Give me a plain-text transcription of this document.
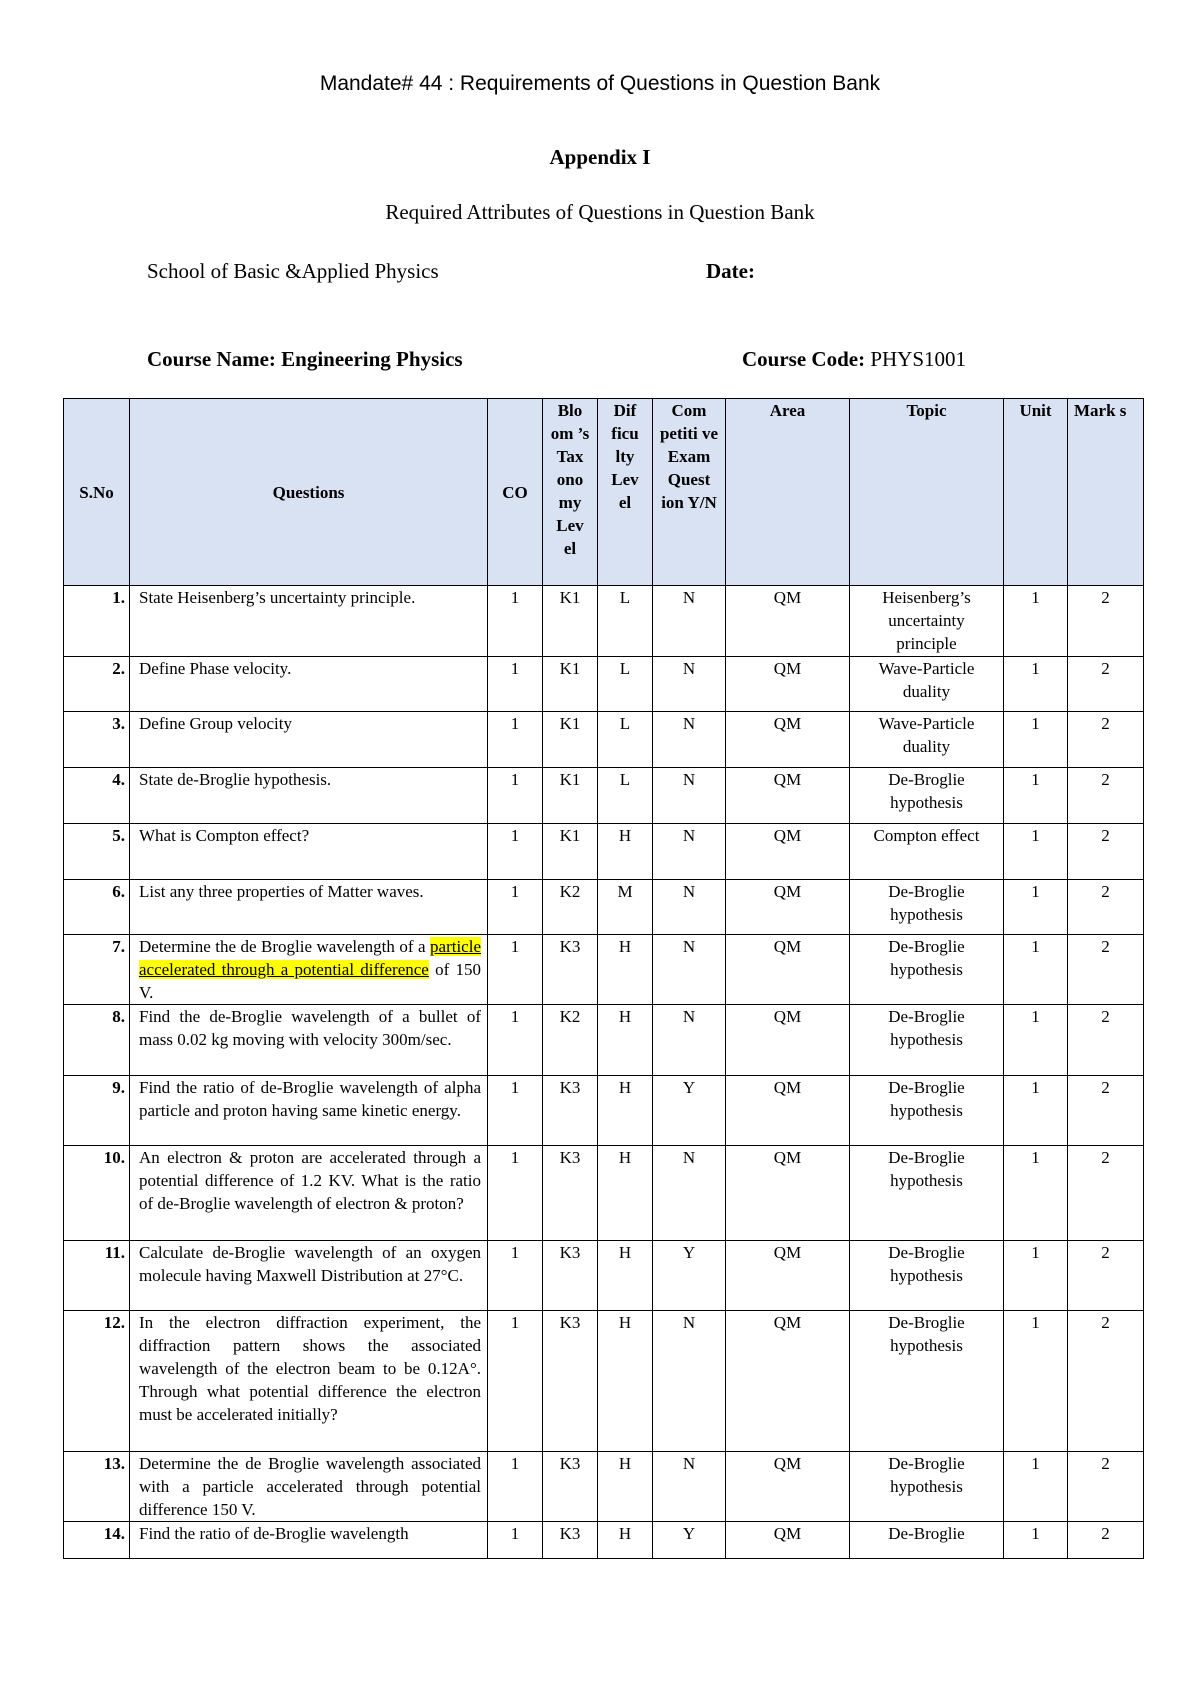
Mandate# 44 : Requirements of Questions in Question Bank
Appendix I
Required Attributes of Questions in Question Bank
School of Basic &Applied Physics	Date:
Course Name: Engineering Physics	Course Code: PHYS1001
S.No	Questions	CO	Blo om ’s Tax ono my Lev el	Dif ficu lty Lev el	Com petiti ve Exam Quest ion Y/N	Area	Topic	Unit	Mark s
1.	State Heisenberg’s uncertainty principle.	1	K1	L	N	QM	Heisenberg’s uncertainty principle	1	2
2.	Define Phase velocity.	1	K1	L	N	QM	Wave-Particle duality	1	2
3.	Define Group velocity	1	K1	L	N	QM	Wave-Particle duality	1	2
4.	State de-Broglie hypothesis.	1	K1	L	N	QM	De-Broglie hypothesis	1	2
5.	What is Compton effect?	1	K1	H	N	QM	Compton effect	1	2
6.	List any three properties of Matter waves.	1	K2	M	N	QM	De-Broglie hypothesis	1	2
7.	Determine the de Broglie wavelength of a particle accelerated through a potential difference of 150 V.	1	K3	H	N	QM	De-Broglie hypothesis	1	2
8.	Find the de-Broglie wavelength of a bullet of mass 0.02 kg moving with velocity 300m/sec.	1	K2	H	N	QM	De-Broglie hypothesis	1	2
9.	Find the ratio of de-Broglie wavelength of alpha particle and proton having same kinetic energy.	1	K3	H	Y	QM	De-Broglie hypothesis	1	2
10.	An electron & proton are accelerated through a potential difference of 1.2 KV. What is the ratio of de-Broglie wavelength of electron & proton?	1	K3	H	N	QM	De-Broglie hypothesis	1	2
11.	Calculate de-Broglie wavelength of an oxygen molecule having Maxwell Distribution at 27°C.	1	K3	H	Y	QM	De-Broglie hypothesis	1	2
12.	In the electron diffraction experiment, the diffraction pattern shows the associated wavelength of the electron beam to be 0.12A°. Through what potential difference the electron must be accelerated initially?	1	K3	H	N	QM	De-Broglie hypothesis	1	2
13.	Determine the de Broglie wavelength associated with a particle accelerated through potential difference 150 V.	1	K3	H	N	QM	De-Broglie hypothesis	1	2
14.	Find the ratio of de-Broglie wavelength	1	K3	H	Y	QM	De-Broglie	1	2
